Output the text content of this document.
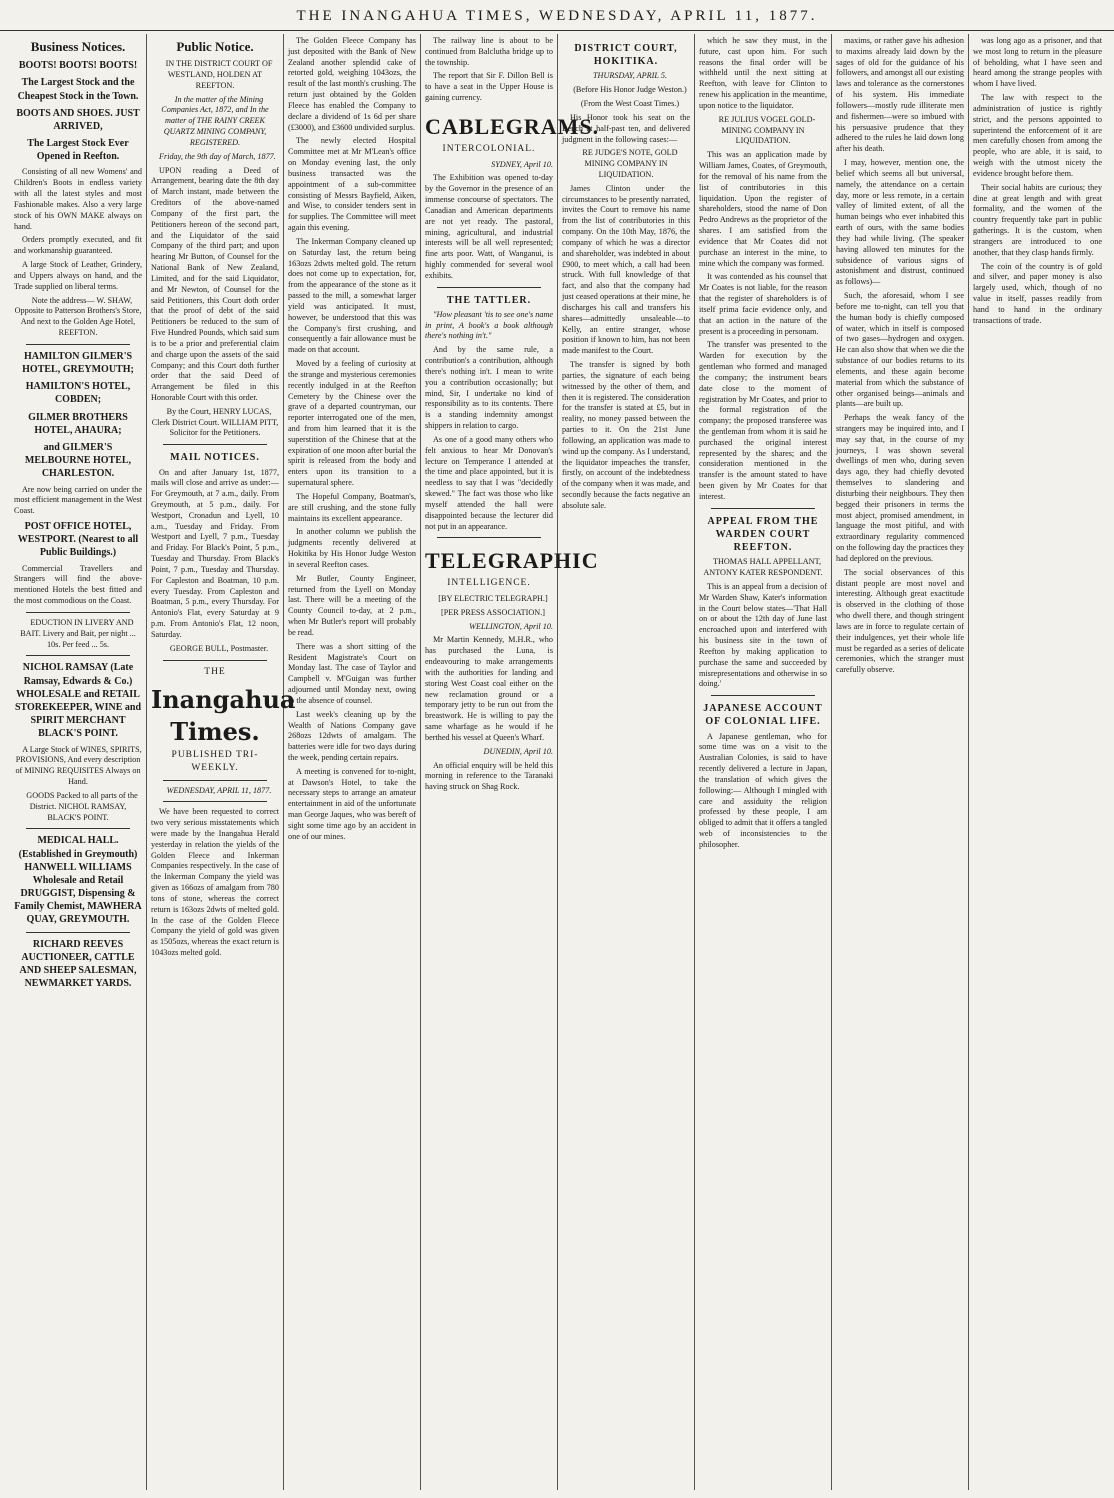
THE INANGAHUA TIMES, WEDNESDAY, APRIL 11, 1877.
Business Notices.
BOOTS! BOOTS! BOOTS!
The Largest Stock and the Cheapest Stock in the Town.
BOOTS AND SHOES. JUST ARRIVED,
The Largest Stock Ever Opened in Reefton.

Consisting of all new Womens' and Children's Boots in endless variety with all the latest styles and most Fashionable makes. Also a very large stock of his OWN MAKE always on hand.

Orders promptly executed, and fit and workmanship guaranteed.

A large Stock of Leather, Grindery, and Uppers always on hand, and the Trade supplied on liberal terms.

Note the address— W. SHAW, Opposite to Patterson Brothers's Store, And next to the Golden Age Hotel, REEFTON.

HAMILTON GILMER'S HOTEL, GREYMOUTH;
HAMILTON'S HOTEL, COBDEN;
GILMER BROTHERS HOTEL, AHAURA;
and GILMER'S MELBOURNE HOTEL, CHARLESTON.

Are now being carried on under the most efficient management in the West Coast.

POST OFFICE HOTEL, WESTPORT. (Nearest to all Public Buildings.)

Commercial Travellers and Strangers will find the above-mentioned Hotels the best fitted and the most commodious on the Coast.

EDUCTION IN LIVERY AND BAIT. Livery and Bait, per night ... 10s. Per feed ... 5s.

NICHOL RAMSAY (Late Ramsay, Edwards & Co.) WHOLESALE and RETAIL STOREKEEPER, WINE and SPIRIT MERCHANT BLACK'S POINT.

A Large Stock of WINES, SPIRITS, PROVISIONS, And every description of MINING REQUISITES Always on Hand.

GOODS Packed to all parts of the District. NICHOL RAMSAY, BLACK'S POINT.

MEDICAL HALL. (Established in Greymouth) HANWELL WILLIAMS Wholesale and Retail DRUGGIST, Dispensing & Family Chemist, MAWHERA QUAY, GREYMOUTH.
RICHARD REEVES AUCTIONEER, CATTLE AND SHEEP SALESMAN, NEWMARKET YARDS.
Public Notice.

IN THE DISTRICT COURT OF WESTLAND, HOLDEN AT REEFTON.

In the matter of the Mining Companies Act, 1872, and In the matter of THE RAINY CREEK QUARTZ MINING COMPANY, REGISTERED.

Friday, the 9th day of March, 1877.

UPON reading a Deed of Arrangement, bearing date the 8th day of March instant, made between the Creditors of the above-named Company of the first part, the Petitioners hereon of the second part, and the Liquidator of the said Company of the third part; and upon hearing Mr Button, of Counsel for the National Bank of New Zealand, Limited, and for the said Liquidator, and Mr Newton, of Counsel for the said Petitioners, this Court doth order that the proof of debt of the said Petitioners be reduced to the sum of Five Hundred Pounds, which said sum is to be a prior and preferential claim and charge upon the assets of the said Company; and this Court doth further order that the said Deed of Arrangement be filed in this Honorable Court with this order.

By the Court, HENRY LUCAS, Clerk District Court. WILLIAM PITT, Solicitor for the Petitioners.

MAIL NOTICES.

On and after January 1st, 1877, mails will close and arrive as under:— For Greymouth, at 7 a.m., daily. From Greymouth, at 5 p.m., daily. For Westport, Cronadun and Lyell, 10 a.m., Tuesday and Friday. From Westport and Lyell, 7 p.m., Tuesday and Friday. For Black's Point, 5 p.m., Tuesday and Thursday. From Black's Point, 7 p.m., Tuesday and Thursday. For Capleston and Boatman, 10 p.m. every Tuesday. From Capleston and Boatman, 5 p.m., every Thursday. For Antonio's Flat, every Saturday at 9 p.m. From Antonio's Flat, 12 noon, Saturday.

GEORGE BULL, Postmaster.

THE
Inangahua Times.
PUBLISHED TRI-WEEKLY.

WEDNESDAY, APRIL 11, 1877.

We have been requested to correct two very serious misstatements which were made by the Inangahua Herald yesterday in relation the yields of the Golden Fleece and Inkerman Companies respectively. In the case of the Inkerman Company the yield was given as 166ozs of amalgam from 780 tons of stone, whereas the correct return is 163ozs 2dwts of melted gold. In the case of the Golden Fleece Company the yield of gold was given as 1505ozs, whereas the exact return is 1043ozs melted gold.

The Golden Fleece Company has just deposited with the Bank of New Zealand another splendid cake of retorted gold, weighing 1043ozs, the result of the last month's crushing. The return just obtained by the Golden Fleece has enabled the Company to declare a dividend of 1s 6d per share (£3000), and £3600 undivided surplus.

The newly elected Hospital Committee met at Mr M'Lean's office on Monday evening last, the only business transacted was the appointment of a sub-committee consisting of Messrs Bayfield, Aiken, and Wise, to consider tenders sent in for supplies. The Committee will meet again this evening.

The Inkerman Company cleaned up on Saturday last, the return being 163ozs 2dwts melted gold. The return does not come up to expectation, for, from the appearance of the stone as it passed to the mill, a somewhat larger yield was anticipated. It must, however, be understood that this was the Company's first crushing, and consequently a fair allowance must be made on that account.

Moved by a feeling of curiosity at the strange and mysterious ceremonies recently indulged in at the Reefton Cemetery by the Chinese over the grave of a departed countryman, our reporter interrogated one of the men, and from him learned that it is the superstition of the Chinese that at the expiration of one moon after burial the spirit is released from the body and enters upon its transition to a supernatural sphere.

The Hopeful Company, Boatman's, are still crushing, and the stone fully maintains its excellent appearance.

In another column we publish the judgments recently delivered at Hokitika by His Honor Judge Weston in several Reefton cases.

Mr Butler, County Engineer, returned from the Lyell on Monday last. There will be a meeting of the County Council to-day, at 2 p.m., when Mr Butler's report will probably be read.

There was a short sitting of the Resident Magistrate's Court on Monday last. The case of Taylor and Campbell v. M'Guigan was further adjourned until Monday next, owing to the absence of counsel.

Last week's cleaning up by the Wealth of Nations Company gave 268ozs 12dwts of amalgam. The batteries were idle for two days during the week, pending certain repairs.

A meeting is convened for to-night, at Dawson's Hotel, to take the necessary steps to arrange an amateur entertainment in aid of the unfortunate man George Jaques, who was bereft of sight some time ago by an accident in one of our mines.

The railway line is about to be continued from Balclutha bridge up to the township.

The report that Sir F. Dillon Bell is to have a seat in the Upper House is gaining currency.

CABLEGRAMS.
INTERCOLONIAL.

SYDNEY, April 10.

The Exhibition was opened to-day by the Governor in the presence of an immense concourse of spectators. The Canadian and American departments are not yet ready. The pastoral, mining, agricultural, and industrial interests will be all well represented; fine arts poor. Watt, of Wanganui, is highly commended for several wool exhibits.

THE TATTLER.

"How pleasant 'tis to see one's name in print, A book's a book although there's nothing in't."

And by the same rule, a contribution's a contribution, although there's nothing in't. I mean to write you a contribution occasionally; but mind, Sir, I undertake no kind of responsibility as to its contents. There is a standing indemnity amongst shippers in relation to cargo.

As one of a good many others who felt anxious to hear Mr Donovan's lecture on Temperance I attended at the time and place appointed, but it is needless to say that I was "decidedly skewed." The fact was those who like myself attended the hall were disappointed because the lecturer did not put in an appearance.

TELEGRAPHIC
INTELLIGENCE.

[BY ELECTRIC TELEGRAPH.]

[PER PRESS ASSOCIATION.]

WELLINGTON, April 10.

Mr Martin Kennedy, M.H.R., who has purchased the Luna, is endeavouring to make arrangements with the authorities for landing and storing West Coast coal either on the new reclamation ground or a temporary jetty to be run out from the breastwork. He is willing to pay the same wharfage as he would if he berthed his vessel at Queen's Wharf.

DUNEDIN, April 10.

An official enquiry will be held this morning in reference to the Taranaki having struck on Shag Rock.

DISTRICT COURT, HOKITIKA.

THURSDAY, APRIL 5.

(Before His Honor Judge Weston.)

(From the West Coast Times.)

His Honor took his seat on the Bench at half-past ten, and delivered judgment in the following cases:—

RE JUDGE'S NOTE, GOLD MINING COMPANY IN LIQUIDATION.

James Clinton under the circumstances to be presently narrated, invites the Court to remove his name from the list of contributories in this company. On the 10th May, 1876, the company of which he was a director and shareholder, was indebted in about £900, to meet which, a call had been struck. With full knowledge of that fact, and also that the company had just ceased operations at their mine, he discharges his call and transfers his shares—admittedly unsaleable—to Kelly, an entire stranger, whose position if known to him, has not been made manifest to the Court.

The transfer is signed by both parties, the signature of each being witnessed by the other of them, and then it is registered. The consideration for the transfer is stated at £5, but in reality, no money passed between the parties to it. On the 21st June following, an application was made to wind up the company. As I understand, the liquidator impeaches the transfer, firstly, on account of the indebtedness of the company when it was made, and secondly because the facts negative an absolute sale.

which he saw they must, in the future, cast upon him. For such reasons the final order will be withheld until the next sitting at Reefton, with leave for Clinton to renew his application in the meantime, upon notice to the liquidator.

RE JULIUS VOGEL GOLD-MINING COMPANY IN LIQUIDATION.

This was an application made by William James, Coates, of Greymouth, for the removal of his name from the list of contributories in this liquidation. Upon the register of shareholders, stood the name of Don Pedro Andrews as the proprietor of the shares. I am satisfied from the evidence that Mr Coates did not purchase an interest in the mine, to mine which the company was formed.

It was contended as his counsel that Mr Coates is not liable, for the reason that the register of shareholders is of itself prima facie evidence only, and that an action in the nature of the present is a proceeding in personam.

The transfer was presented to the Warden for execution by the gentleman who formed and managed the company; the instrument bears date close to the moment of registration by Mr Coates, and prior to the formal registration of the company; the proposed transferee was the gentleman from whom it is said he purchased the original interest represented by the shares; and the consideration mentioned in the transfer is the amount stated to have been given by Mr Coates for that interest.

APPEAL FROM THE WARDEN COURT REEFTON.

THOMAS HALL APPELLANT, ANTONY KATER RESPONDENT.

This is an appeal from a decision of Mr Warden Shaw, Kater's information in the Court below states—'That Hall on or about the 12th day of June last encroached upon and interfered with his business site in the town of Reefton by making application to purchase the same and succeeded by misrepresentations and otherwise in so doing.'

JAPANESE ACCOUNT OF COLONIAL LIFE.

A Japanese gentleman, who for some time was on a visit to the Australian Colonies, is said to have recently delivered a lecture in Japan, the translation of which gives the following:— Although I mingled with care and assiduity the religion professed by these people, I am obliged to admit that it offers a tangled web of inconsistencies to the philosopher.

maxims, or rather gave his adhesion to maxims already laid down by the sages of old for the guidance of his followers, and amongst all our existing laws and tolerance as the cornerstones of his system. His immediate followers—mostly rude illiterate men and fishermen—were so imbued with his persuasive prudence that they adhered to the rules he laid down long after his death.

I may, however, mention one, the belief which seems all but universal, namely, the attendance on a certain day, more or less remote, in a certain valley of limited extent, of all the human beings who ever inhabited this earth of ours, with the same bodies they had while living. (The speaker having allowed ten minutes for the subsidence of various signs of astonishment and distrust, continued as follows)—

Such, the aforesaid, whom I see before me to-night, can tell you that the human body is chiefly composed of water, which in itself is composed of two gases—hydrogen and oxygen. He can also show that when we die the substance of our bodies returns to its elements, and these again become material from which the substance of other organised beings—animals and plants—are built up.

Perhaps the weak fancy of the strangers may be inquired into, and I may say that, in the course of my journeys, I was shown several dwellings of men who, during seven days ago, they had chiefly devoted themselves to slandering and disturbing their neighbours. They then begged their prisoners in terms the most abject, promised amendment, in language the most pitiful, and with extraordinary regularity commenced on the following day the practices they had deplored on the previous.

The social observances of this distant people are most novel and interesting. Although great exactitude is observed in the clothing of those who dwell there, and though stringent laws are in force to regulate certain of their indulgences, yet their whole life must be regarded as a series of delicate ceremonies, which the stranger must carefully observe.

was long ago as a prisoner, and that we most long to return in the pleasure of beholding, what I have seen and heard among the strange peoples with whom I have lived.

The law with respect to the administration of justice is rightly strict, and the persons appointed to superintend the enforcement of it are men carefully chosen from among the people, who are able, it is said, to weigh with the utmost nicety the evidence brought before them.

Their social habits are curious; they dine at great length and with great formality, and the women of the country frequently take part in public gatherings. It is the custom, when strangers are introduced to one another, that they clasp hands firmly.

The coin of the country is of gold and silver, and paper money is also largely used, which, though of no value in itself, passes readily from hand to hand in the ordinary transactions of trade.
